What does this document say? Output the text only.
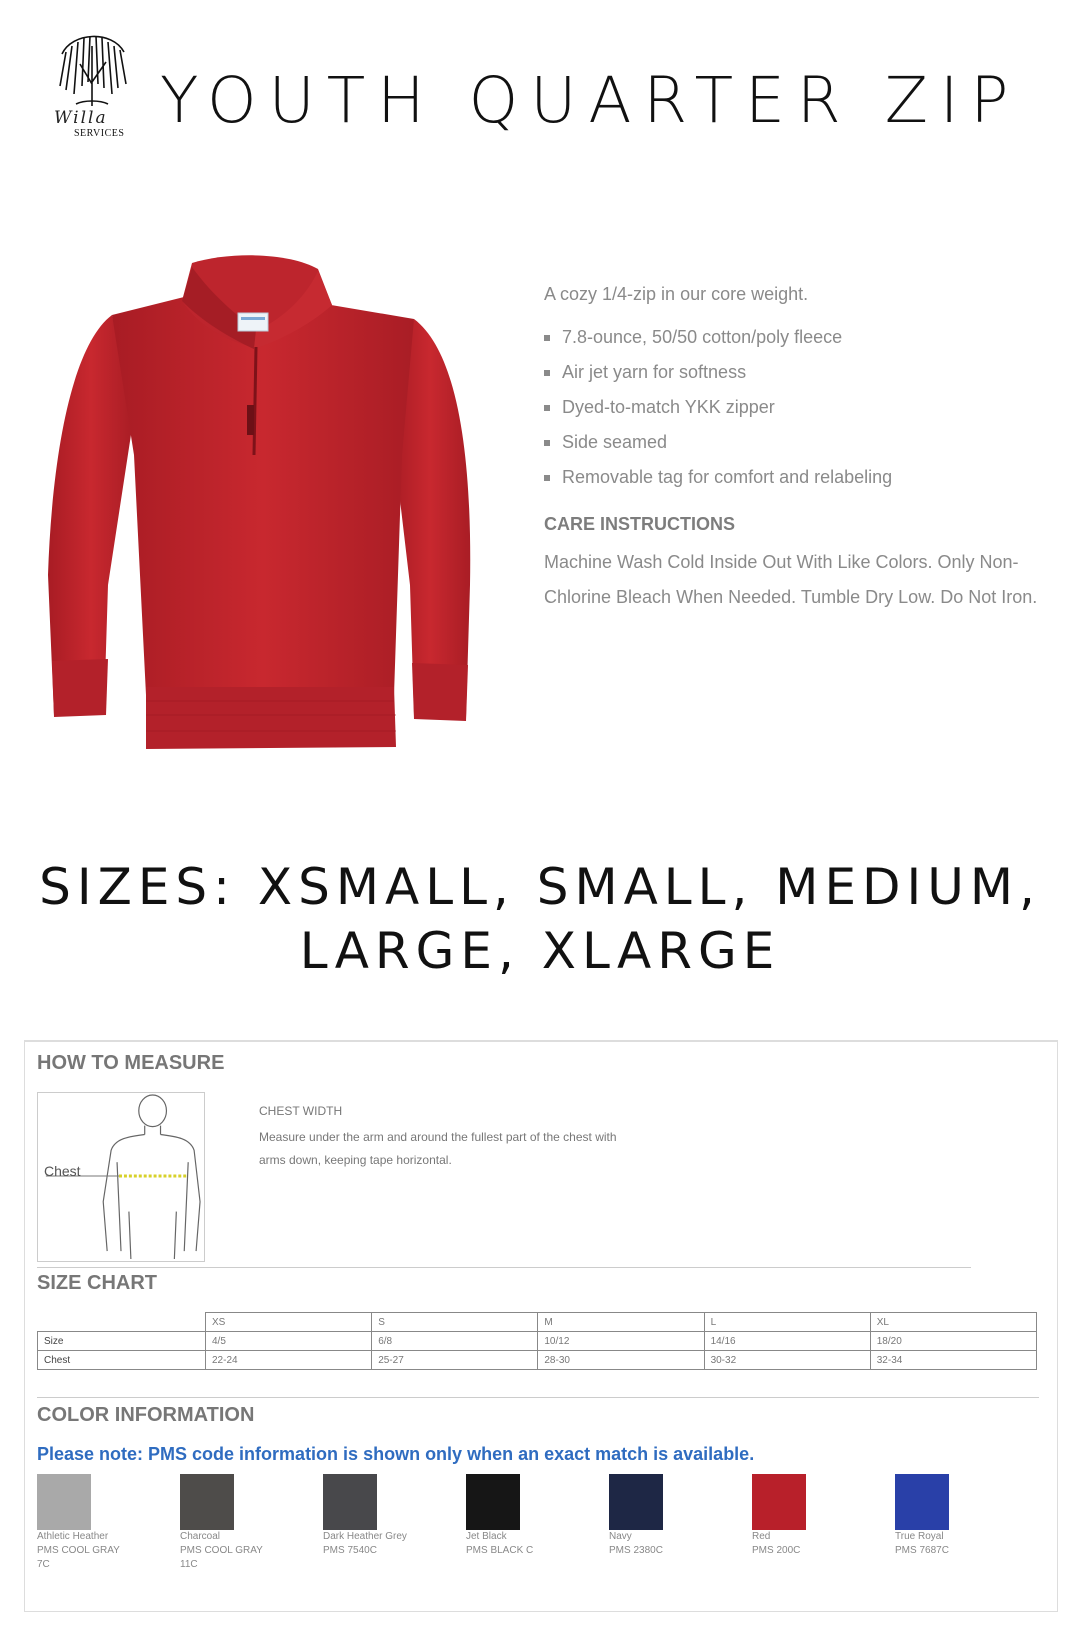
Willa
SERVICES YOUTH QUARTER ZIP
A cozy 1/4-zip in our core weight.
7.8-ounce, 50/50 cotton/poly fleece
Air jet yarn for softness
Dyed-to-match YKK zipper
Side seamed
Removable tag for comfort and relabeling
CARE INSTRUCTIONS
Machine Wash Cold Inside Out With Like Colors. Only Non-Chlorine Bleach When Needed. Tumble Dry Low. Do Not Iron.
SIZES: XSMALL, SMALL, MEDIUM,
LARGE, XLARGE
HOW TO MEASURE
Chest
CHEST WIDTH
Measure under the arm and around the fullest part of the chest with arms down, keeping tape horizontal.
SIZE CHART
	XS	S	M	L	XL
Size	4/5	6/8	10/12	14/16	18/20
Chest	22-24	25-27	28-30	30-32	32-34
COLOR INFORMATION
Please note: PMS code information is shown only when an exact match is available.
Athletic Heather
PMS COOL GRAY 7C
Charcoal
PMS COOL GRAY 11C
Dark Heather Grey
PMS 7540C
Jet Black
PMS BLACK C
Navy
PMS 2380C
Red
PMS 200C
True Royal
PMS 7687C
